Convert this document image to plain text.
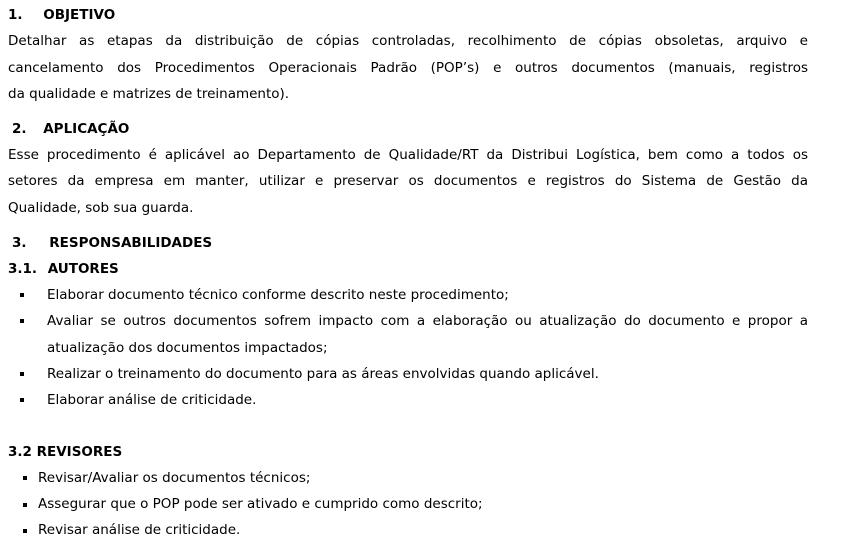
1. OBJETIVO
Detalhar as etapas da distribuição de cópias controladas, recolhimento de cópias obsoletas, arquivo e
cancelamento dos Procedimentos Operacionais Padrão (POP’s) e outros documentos (manuais, registros
da qualidade e matrizes de treinamento).
2. APLICAÇÃO
Esse procedimento é aplicável ao Departamento de Qualidade/RT da Distribui Logística, bem como a todos os
setores da empresa em manter, utilizar e preservar os documentos e registros do Sistema de Gestão da
Qualidade, sob sua guarda.
3. RESPONSABILIDADES
3.1. AUTORES
Elaborar documento técnico conforme descrito neste procedimento;
Avaliar se outros documentos sofrem impacto com a elaboração ou atualização do documento e propor a
atualização dos documentos impactados;
Realizar o treinamento do documento para as áreas envolvidas quando aplicável.
Elaborar análise de criticidade.
3.2 REVISORES
Revisar/Avaliar os documentos técnicos;
Assegurar que o POP pode ser ativado e cumprido como descrito;
Revisar análise de criticidade.
